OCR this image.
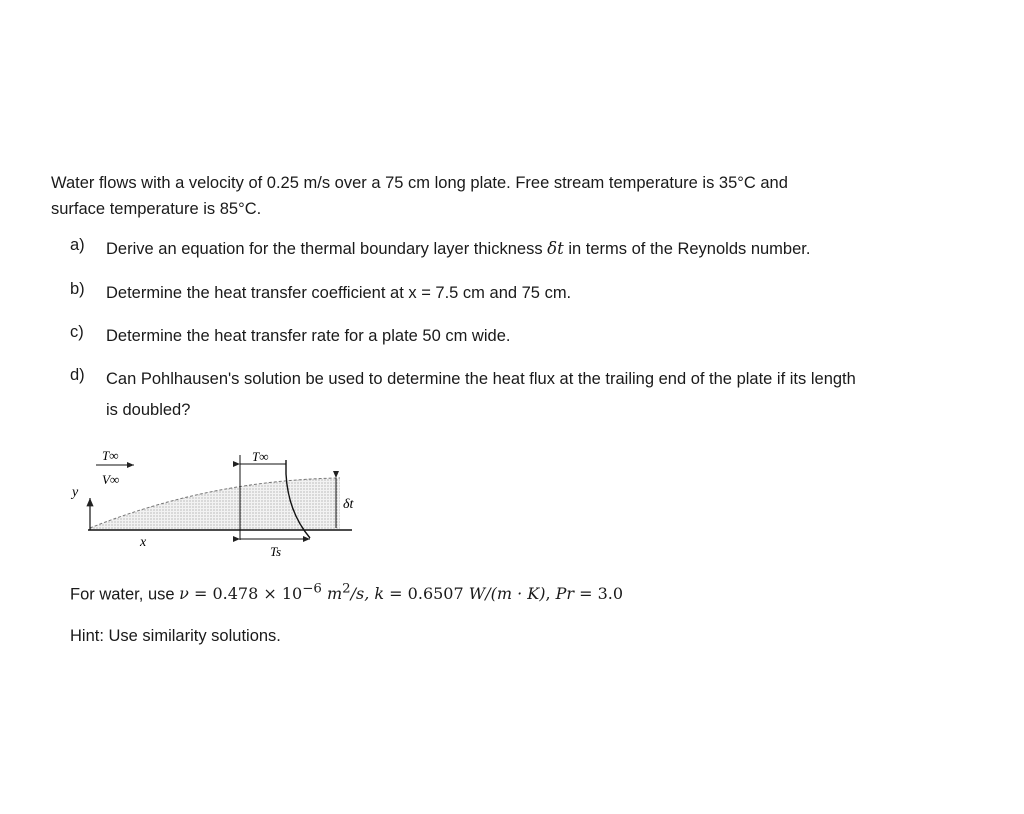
Water flows with a velocity of 0.25 m/s over a 75 cm long plate. Free stream temperature is 35°C and
surface temperature is 85°C.
a) Derive an equation for the thermal boundary layer thickness δt in terms of the Reynolds number.
b) Determine the heat transfer coefficient at x = 7.5 cm and 75 cm.
c) Determine the heat transfer rate for a plate 50 cm wide.
d) Can Pohlhausen's solution be used to determine the heat flux at the trailing end of the plate if its length
is doubled?
y
x
T∞
V∞
T∞
Ts
δt
For water, use $\nu = 0.478 \times 10^{-6}$ $m^2/s$, k = 0.6507 W/(m · K), Pr = 3.0
Hint: Use similarity solutions.
